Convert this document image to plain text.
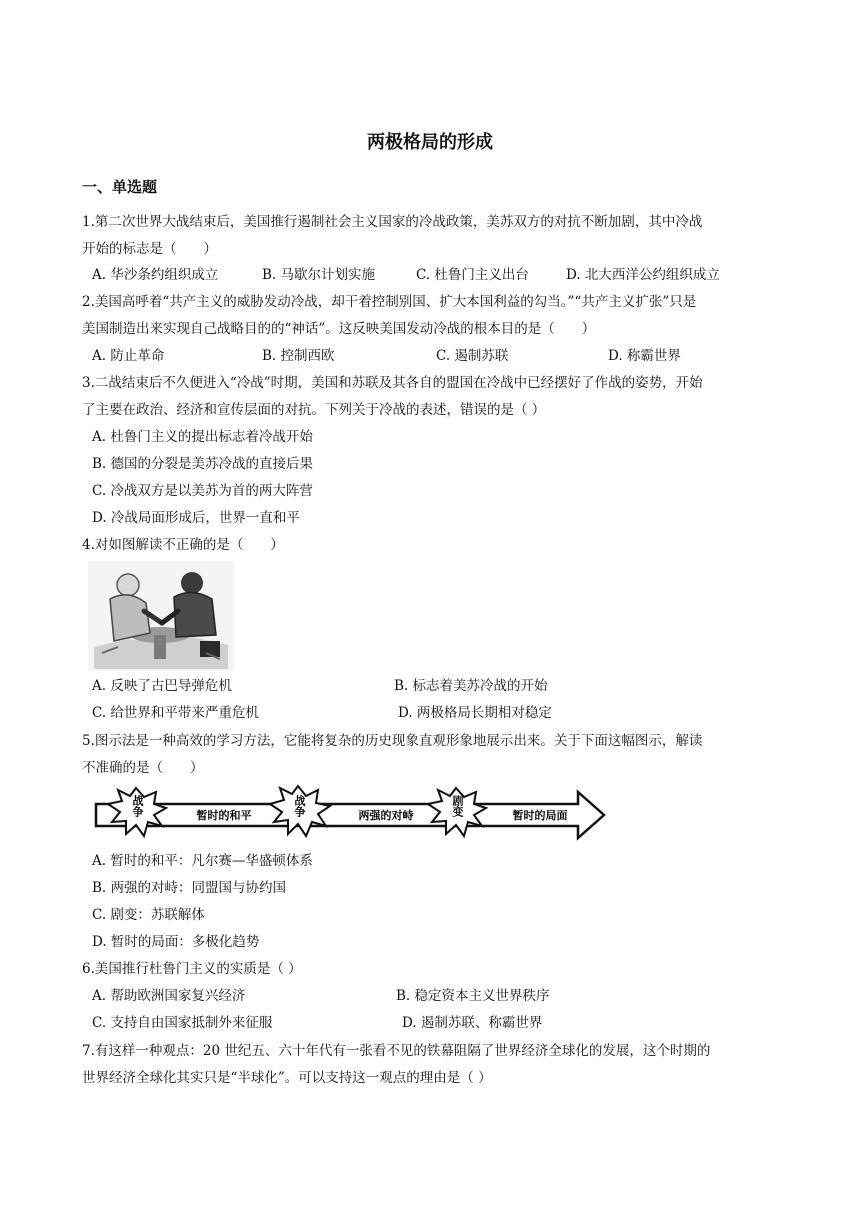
两极格局的形成
一、单选题
1.第二次世界大战结束后，美国推行遏制社会主义国家的冷战政策，美苏双方的对抗不断加剧，其中冷战
开始的标志是（　　）
A. 华沙条约组织成立	B. 马歇尔计划实施	C. 杜鲁门主义出台	D. 北大西洋公约组织成立
2.美国高呼着“共产主义的威胁发动冷战，却干着控制别国、扩大本国利益的勾当。”“共产主义扩张”只是
美国制造出来实现自己战略目的的“神话”。这反映美国发动冷战的根本目的是（　　）
A. 防止革命	B. 控制西欧	C. 遏制苏联	D. 称霸世界
3.二战结束后不久便进入“冷战”时期，美国和苏联及其各自的盟国在冷战中已经摆好了作战的姿势，开始
了主要在政治、经济和宣传层面的对抗。下列关于冷战的表述，错误的是（ ）
A. 杜鲁门主义的提出标志着冷战开始
B. 德国的分裂是美苏冷战的直接后果
C. 冷战双方是以美苏为首的两大阵营
D. 冷战局面形成后，世界一直和平
4.对如图解读不正确的是（　　）
A. 反映了古巴导弹危机	B. 标志着美苏冷战的开始
C. 给世界和平带来严重危机	D. 两极格局长期相对稳定
5.图示法是一种高效的学习方法，它能将复杂的历史现象直观形象地展示出来。关于下面这幅图示，解读
不准确的是（　　）
战争	暂时的和平	战争	两强的对峙	剧变	暂时的局面
A. 暂时的和平：凡尔赛—华盛顿体系
B. 两强的对峙：同盟国与协约国
C. 剧变：苏联解体
D. 暂时的局面：多极化趋势
6.美国推行杜鲁门主义的实质是（ ）
A. 帮助欧洲国家复兴经济	B. 稳定资本主义世界秩序
C. 支持自由国家抵制外来征服	D. 遏制苏联、称霸世界
7.有这样一种观点：20 世纪五、六十年代有一张看不见的铁幕阻隔了世界经济全球化的发展，这个时期的
世界经济全球化其实只是“半球化”。可以支持这一观点的理由是（ ）
